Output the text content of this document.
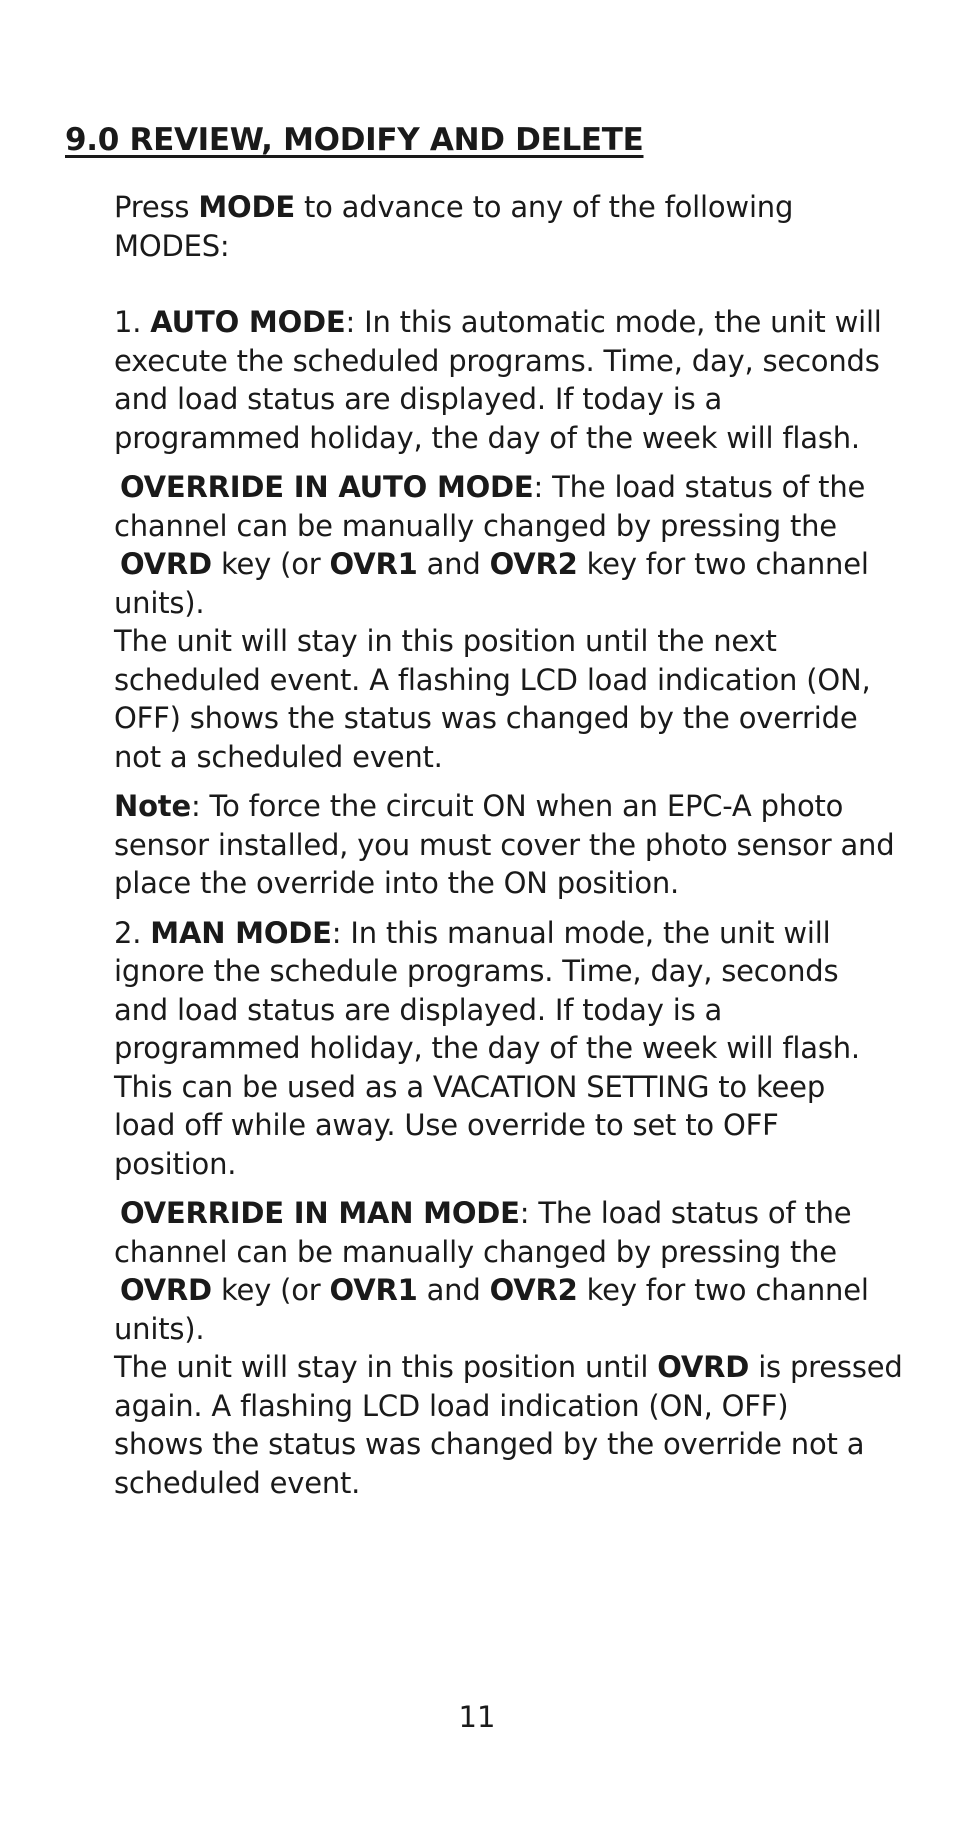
9.0 REVIEW, MODIFY AND DELETE

Press MODE to advance to any of the following
MODES:

1. AUTO MODE: In this automatic mode, the unit will
execute the scheduled programs. Time, day, seconds
and load status are displayed. If today is a
programmed holiday, the day of the week will flash.

OVERRIDE IN AUTO MODE: The load status of the
channel can be manually changed by pressing the
OVRD key (or OVR1 and OVR2 key for two channel
units).
The unit will stay in this position until the next
scheduled event. A flashing LCD load indication (ON,
OFF) shows the status was changed by the override
not a scheduled event.

Note: To force the circuit ON when an EPC-A photo
sensor installed, you must cover the photo sensor and
place the override into the ON position.

2. MAN MODE: In this manual mode, the unit will
ignore the schedule programs. Time, day, seconds
and load status are displayed. If today is a
programmed holiday, the day of the week will flash.
This can be used as a VACATION SETTING to keep
load off while away. Use override to set to OFF
position.

OVERRIDE IN MAN MODE: The load status of the
channel can be manually changed by pressing the
OVRD key (or OVR1 and OVR2 key for two channel
units).
The unit will stay in this position until OVRD is pressed
again. A flashing LCD load indication (ON, OFF)
shows the status was changed by the override not a
scheduled event.

11
